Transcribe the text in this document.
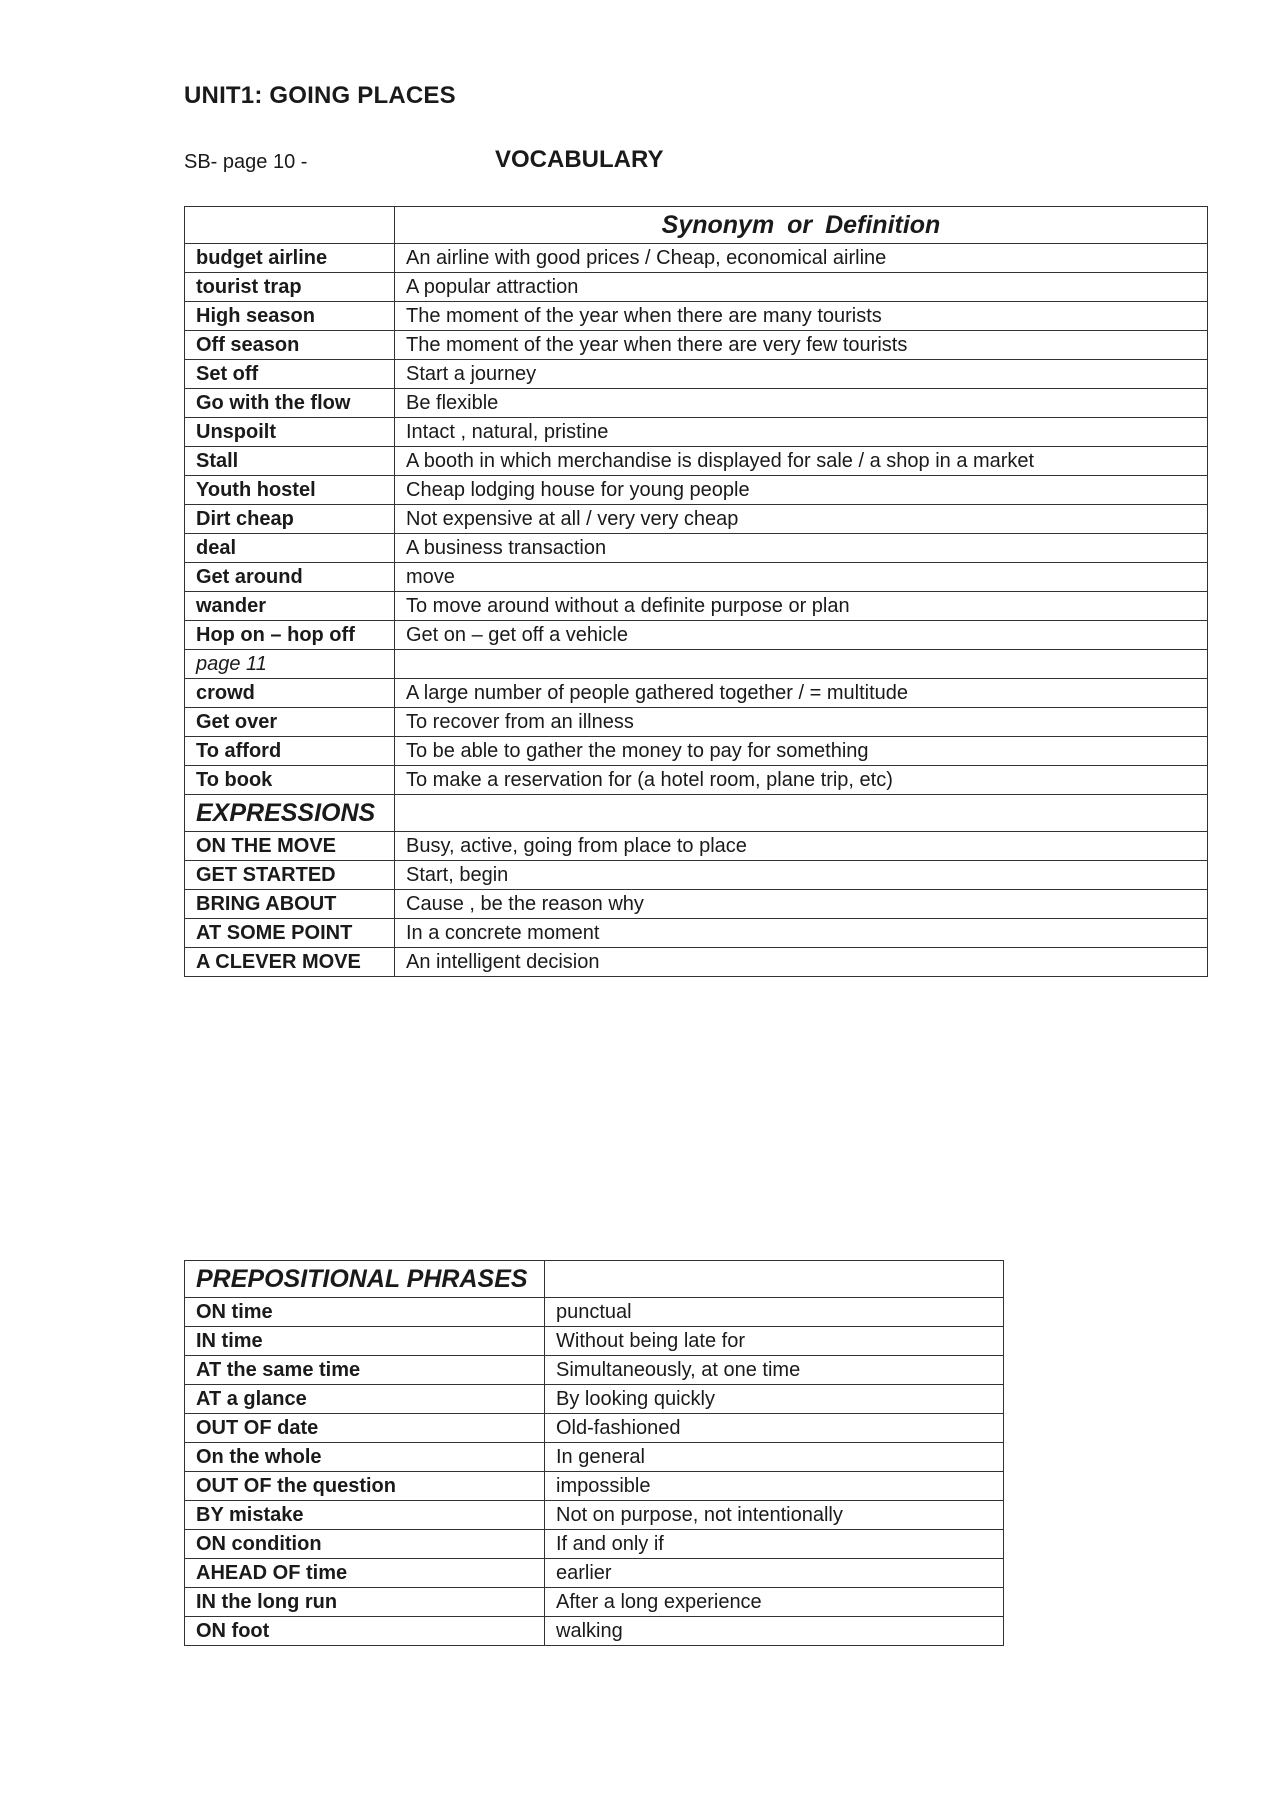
UNIT1: GOING PLACES
SB- page 10 -	VOCABULARY
	Synonym or Definition
budget airline	An airline with good prices / Cheap, economical airline
tourist trap	A popular attraction
High season	The moment of the year when there are many tourists
Off season	The moment of the year when there are very few tourists
Set off	Start a journey
Go with the flow	Be flexible
Unspoilt	Intact , natural, pristine
Stall	A booth in which merchandise is displayed for sale / a shop in a market
Youth hostel	Cheap lodging house for young people
Dirt cheap	Not expensive at all / very very cheap
deal	A business transaction
Get around	move
wander	To move around without a definite purpose or plan
Hop on – hop off	Get on – get off a vehicle
page 11	
crowd	A large number of people gathered together / = multitude
Get over	To recover from an illness
To afford	To be able to gather the money to pay for something
To book	To make a reservation for (a hotel room, plane trip, etc)
EXPRESSIONS	
ON THE MOVE	Busy, active, going from place to place
GET STARTED	Start, begin
BRING ABOUT	Cause , be the reason why
AT SOME POINT	In a concrete moment
A CLEVER MOVE	An intelligent decision
PREPOSITIONAL PHRASES	
ON time	punctual
IN time	Without being late for
AT the same time	Simultaneously, at one time
AT a glance	By looking quickly
OUT OF date	Old-fashioned
On the whole	In general
OUT OF the question	impossible
BY mistake	Not on purpose, not intentionally
ON condition	If and only if
AHEAD OF time	earlier
IN the long run	After a long experience
ON foot	walking
